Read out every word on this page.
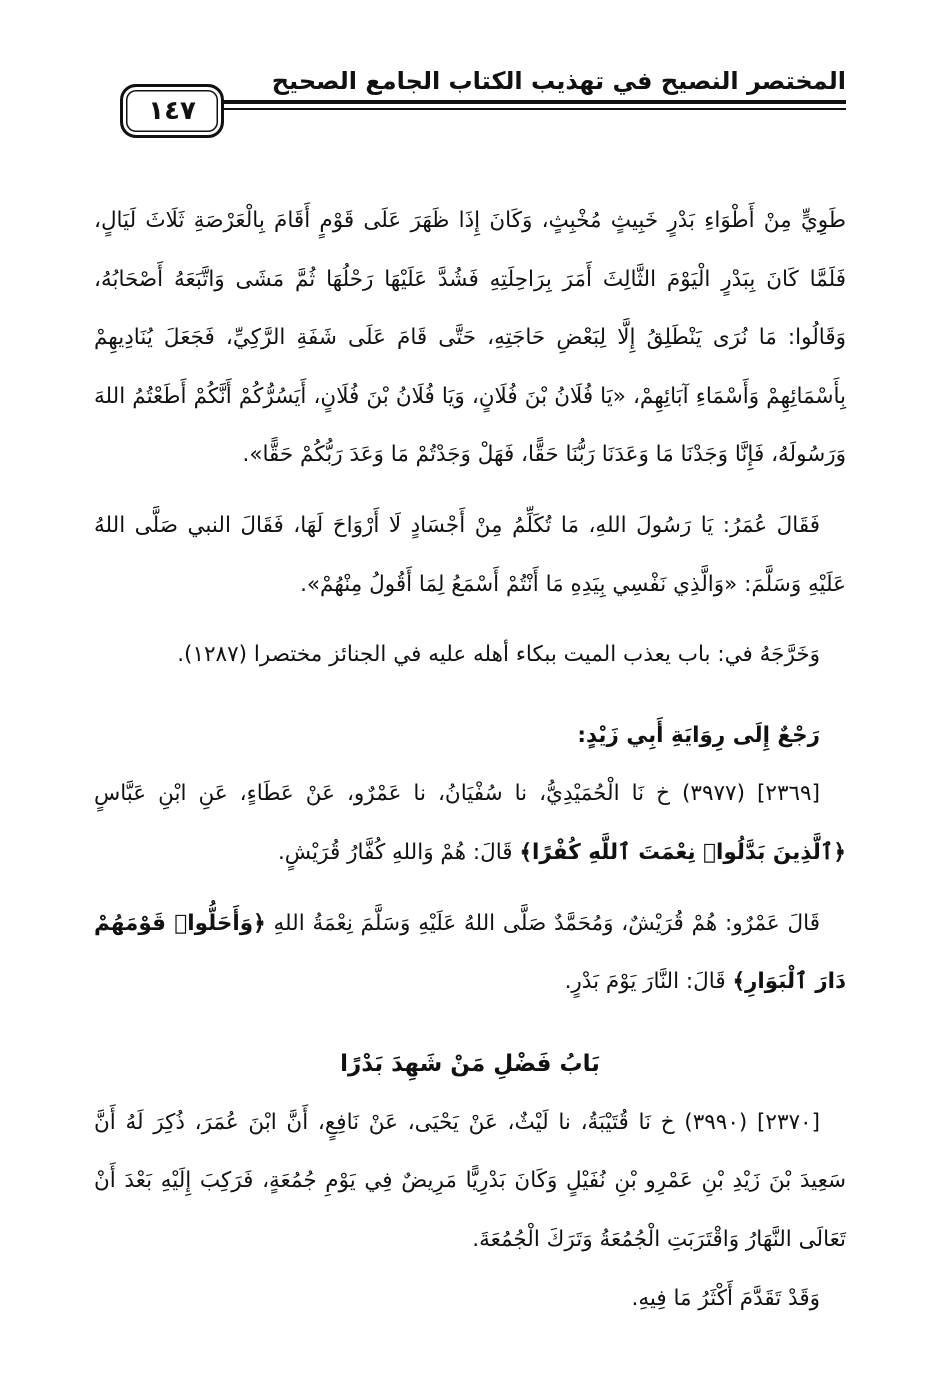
المختصر النصيح في تهذيب الكتاب الجامع الصحيح
١٤٧

طَوِيٍّ مِنْ أَطْوَاءِ بَدْرٍ خَبِيثٍ مُخْبِثٍ، وَكَانَ إِذَا ظَهَرَ عَلَى قَوْمٍ أَقَامَ بِالْعَرْصَةِ ثَلَاثَ لَيَالٍ، فَلَمَّا كَانَ بِبَدْرٍ الْيَوْمَ الثَّالِثَ أَمَرَ بِرَاحِلَتِهِ فَشُدَّ عَلَيْهَا رَحْلُهَا ثُمَّ مَشَى وَاتَّبَعَهُ أَصْحَابُهُ، وَقَالُوا: مَا نُرَى يَنْطَلِقُ إِلَّا لِبَعْضِ حَاجَتِهِ، حَتَّى قَامَ عَلَى شَفَةِ الرَّكِيِّ، فَجَعَلَ يُنَادِيهِمْ بِأَسْمَائِهِمْ وَأَسْمَاءِ آبَائِهِمْ، «يَا فُلَانُ بْنَ فُلَانٍ، وَيَا فُلَانُ بْنَ فُلَانٍ، أَيَسُرُّكُمْ أَنَّكُمْ أَطَعْتُمُ اللهَ وَرَسُولَهُ، فَإِنَّا وَجَدْنَا مَا وَعَدَنَا رَبُّنَا حَقًّا، فَهَلْ وَجَدْتُمْ مَا وَعَدَ رَبُّكُمْ حَقًّا».

فَقَالَ عُمَرُ: يَا رَسُولَ اللهِ، مَا تُكَلِّمُ مِنْ أَجْسَادٍ لَا أَرْوَاحَ لَهَا، فَقَالَ النبي صَلَّى اللهُ عَلَيْهِ وَسَلَّمَ: «وَالَّذِي نَفْسِي بِيَدِهِ مَا أَنْتُمْ أَسْمَعُ لِمَا أَقُولُ مِنْهُمْ».

وَخَرَّجَهُ في: باب يعذب الميت ببكاء أهله عليه في الجنائز مختصرا (١٢٨٧).

رَجْعٌ إِلَى رِوَايَةِ أَبِي زَيْدٍ:

[٢٣٦٩] (٣٩٧٧) خ نَا الْحُمَيْدِيُّ، نا سُفْيَانُ، نا عَمْرٌو، عَنْ عَطَاءٍ، عَنِ ابْنِ عَبَّاسٍ ﴿ٱلَّذِينَ بَدَّلُوا۟ نِعْمَتَ ٱللَّهِ كُفْرًا﴾ قَالَ: هُمْ وَاللهِ كُفَّارُ قُرَيْشٍ.

قَالَ عَمْرٌو: هُمْ قُرَيْشٌ، وَمُحَمَّدٌ صَلَّى اللهُ عَلَيْهِ وَسَلَّمَ نِعْمَةُ اللهِ ﴿وَأَحَلُّوا۟ قَوْمَهُمْ دَارَ ٱلْبَوَارِ﴾ قَالَ: النَّارَ يَوْمَ بَدْرٍ.

بَابُ فَضْلِ مَنْ شَهِدَ بَدْرًا

[٢٣٧٠] (٣٩٩٠) خ نَا قُتَيْبَةُ، نا لَيْثٌ، عَنْ يَحْيَى، عَنْ نَافِعٍ، أَنَّ ابْنَ عُمَرَ، ذُكِرَ لَهُ أَنَّ سَعِيدَ بْنَ زَيْدِ بْنِ عَمْرِو بْنِ نُفَيْلٍ وَكَانَ بَدْرِيًّا مَرِيضٌ فِي يَوْمِ جُمُعَةٍ، فَرَكِبَ إِلَيْهِ بَعْدَ أَنْ تَعَالَى النَّهَارُ وَاقْتَرَبَتِ الْجُمُعَةُ وَتَرَكَ الْجُمُعَةَ.

وَقَدْ تَقَدَّمَ أَكْثَرُ مَا فِيهِ.
